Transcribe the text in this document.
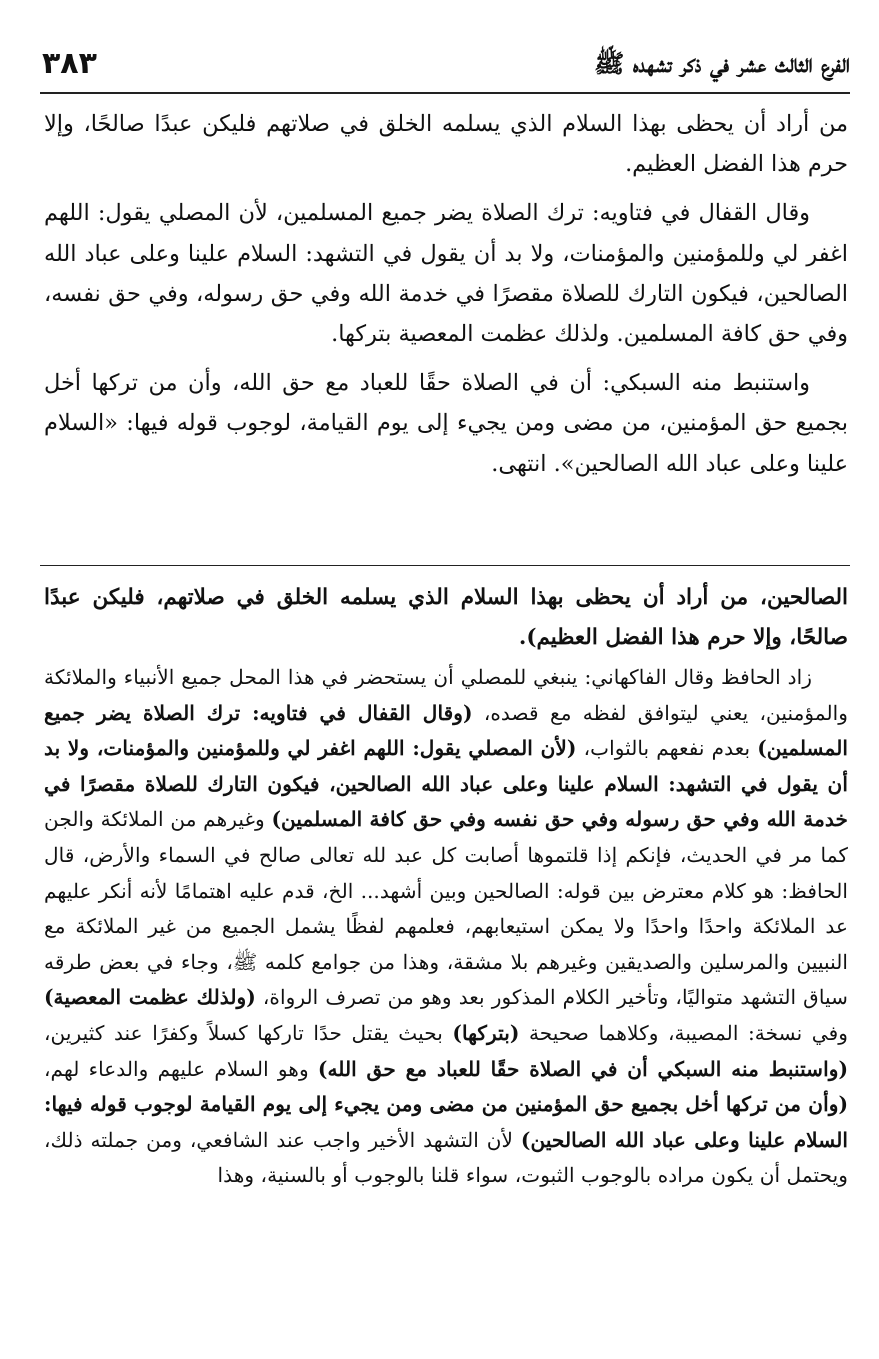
٣٨٣	الفرع الثالث عشر في ذكر تشهده ﷺ

من أراد أن يحظى بهذا السلام الذي يسلمه الخلق في صلاتهم فليكن عبدًا صالحًا، وإلا حرم هذا الفضل العظيم.

وقال القفال في فتاويه: ترك الصلاة يضر جميع المسلمين، لأن المصلي يقول: اللهم اغفر لي وللمؤمنين والمؤمنات، ولا بد أن يقول في التشهد: السلام علينا وعلى عباد الله الصالحين، فيكون التارك للصلاة مقصرًا في خدمة الله وفي حق رسوله، وفي حق نفسه، وفي حق كافة المسلمين. ولذلك عظمت المعصية بتركها.

واستنبط منه السبكي: أن في الصلاة حقًا للعباد مع حق الله، وأن من تركها أخل بجميع حق المؤمنين، من مضى ومن يجيء إلى يوم القيامة، لوجوب قوله فيها: «السلام علينا وعلى عباد الله الصالحين». انتهى.

الصالحين، من أراد أن يحظى بهذا السلام الذي يسلمه الخلق في صلاتهم، فليكن عبدًا صالحًا، وإلا حرم هذا الفضل العظيم).

زاد الحافظ وقال الفاكهاني: ينبغي للمصلي أن يستحضر في هذا المحل جميع الأنبياء والملائكة والمؤمنين، يعني ليتوافق لفظه مع قصده، (وقال القفال في فتاويه: ترك الصلاة يضر جميع المسلمين) بعدم نفعهم بالثواب، (لأن المصلي يقول: اللهم اغفر لي وللمؤمنين والمؤمنات، ولا بد أن يقول في التشهد: السلام علينا وعلى عباد الله الصالحين، فيكون التارك للصلاة مقصرًا في خدمة الله وفي حق رسوله وفي حق نفسه وفي حق كافة المسلمين) وغيرهم من الملائكة والجن كما مر في الحديث، فإنكم إذا قلتموها أصابت كل عبد لله تعالى صالح في السماء والأرض، قال الحافظ: هو كلام معترض بين قوله: الصالحين وبين أشهد... الخ، قدم عليه اهتمامًا لأنه أنكر عليهم عد الملائكة واحدًا واحدًا ولا يمكن استيعابهم، فعلمهم لفظًا يشمل الجميع من غير الملائكة مع النبيين والمرسلين والصديقين وغيرهم بلا مشقة، وهذا من جوامع كلمه ﷺ، وجاء في بعض طرقه سياق التشهد متواليًا، وتأخير الكلام المذكور بعد وهو من تصرف الرواة، (ولذلك عظمت المعصية) وفي نسخة: المصيبة، وكلاهما صحيحة (بتركها) بحيث يقتل حدًا تاركها كسلاً وكفرًا عند كثيرين، (واستنبط منه السبكي أن في الصلاة حقًا للعباد مع حق الله) وهو السلام عليهم والدعاء لهم، (وأن من تركها أخل بجميع حق المؤمنين من مضى ومن يجيء إلى يوم القيامة لوجوب قوله فيها: السلام علينا وعلى عباد الله الصالحين) لأن التشهد الأخير واجب عند الشافعي، ومن جملته ذلك، ويحتمل أن يكون مراده بالوجوب الثبوت، سواء قلنا بالوجوب أو بالسنية، وهذا
